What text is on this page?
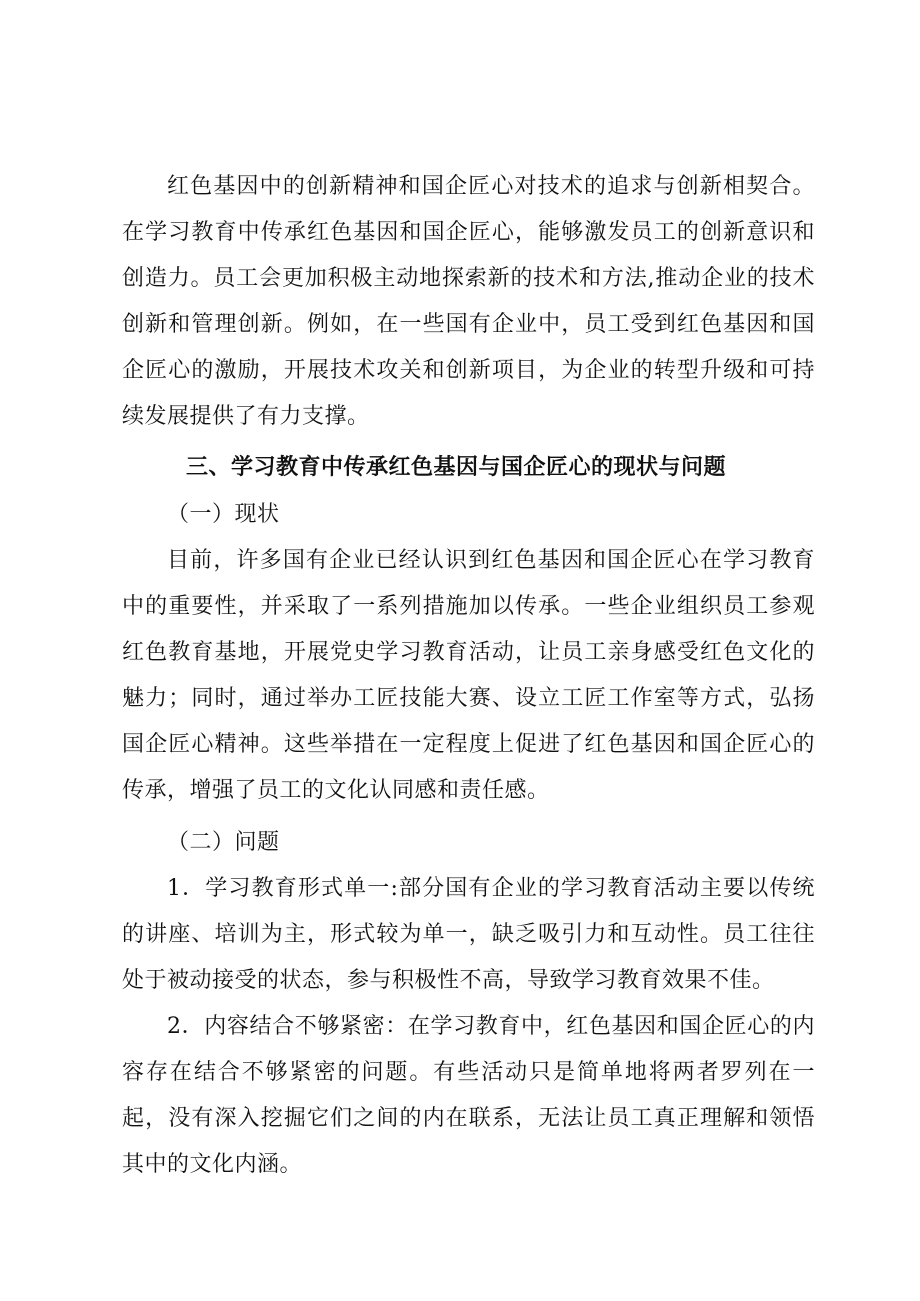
红色基因中的创新精神和国企匠心对技术的追求与创新相契合。在学习教育中传承红色基因和国企匠心，能够激发员工的创新意识和创造力。员工会更加积极主动地探索新的技术和方法,推动企业的技术创新和管理创新。例如，在一些国有企业中，员工受到红色基因和国企匠心的激励，开展技术攻关和创新项目，为企业的转型升级和可持续发展提供了有力支撑。

三、学习教育中传承红色基因与国企匠心的现状与问题

（一）现状

目前，许多国有企业已经认识到红色基因和国企匠心在学习教育中的重要性，并采取了一系列措施加以传承。一些企业组织员工参观红色教育基地，开展党史学习教育活动，让员工亲身感受红色文化的魅力；同时，通过举办工匠技能大赛、设立工匠工作室等方式，弘扬国企匠心精神。这些举措在一定程度上促进了红色基因和国企匠心的传承，增强了员工的文化认同感和责任感。

（二）问题

1．学习教育形式单一:部分国有企业的学习教育活动主要以传统的讲座、培训为主，形式较为单一，缺乏吸引力和互动性。员工往往处于被动接受的状态，参与积极性不高，导致学习教育效果不佳。

2．内容结合不够紧密：在学习教育中，红色基因和国企匠心的内容存在结合不够紧密的问题。有些活动只是简单地将两者罗列在一起，没有深入挖掘它们之间的内在联系，无法让员工真正理解和领悟其中的文化内涵。
